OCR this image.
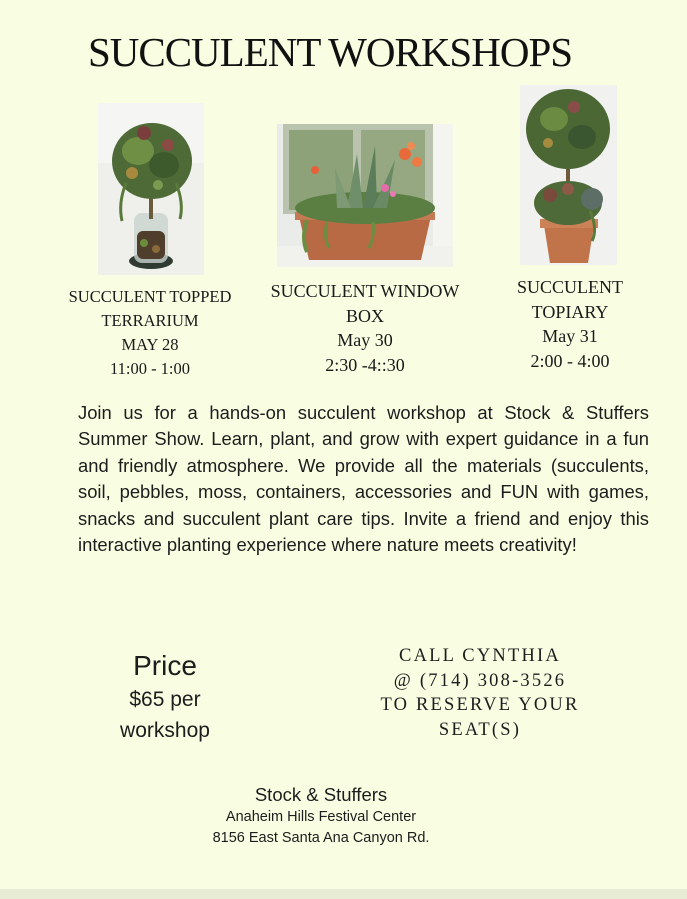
SUCCULENT WORKSHOPS
SUCCULENT TOPPED
TERRARIUM
MAY 28
11:00 - 1:00
SUCCULENT WINDOW
BOX
May 30
2:30 -4::30
SUCCULENT
TOPIARY
May 31
2:00 - 4:00
Join us for a hands-on succulent workshop at Stock & Stuffers Summer Show. Learn, plant, and grow with expert guidance in a fun and friendly atmosphere. We provide all the materials (succulents, soil, pebbles, moss, containers, accessories and FUN with games, snacks and succulent plant care tips. Invite a friend and enjoy this interactive planting experience where nature meets creativity!
Price
$65 per
workshop
CALL CYNTHIA
@ (714) 308-3526
TO RESERVE YOUR
SEAT(S)
Stock & Stuffers
Anaheim Hills Festival Center
8156 East Santa Ana Canyon Rd.
